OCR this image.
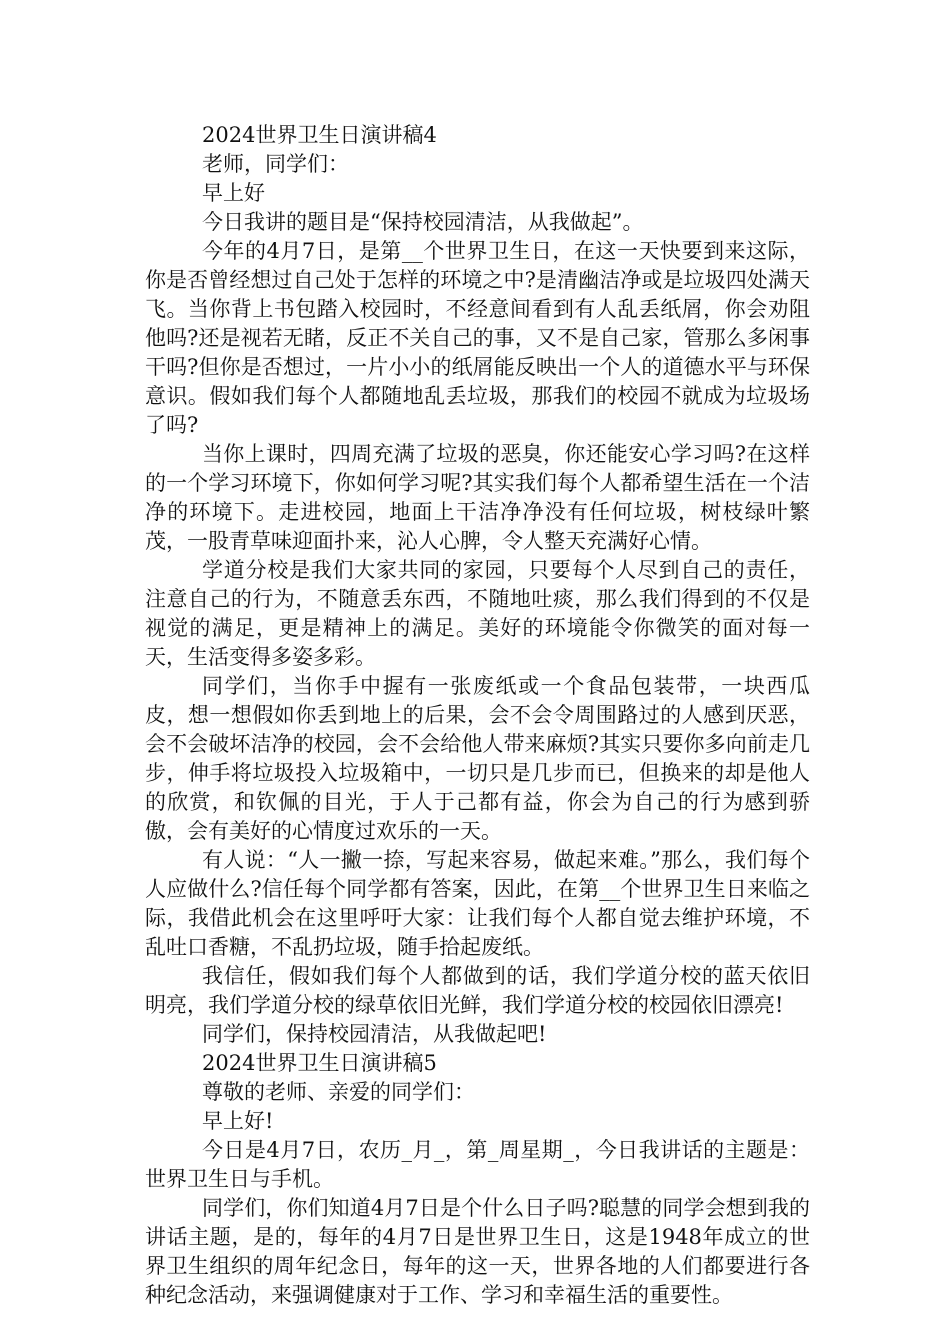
2024世界卫生日演讲稿4

老师，同学们：

早上好

今日我讲的题目是“保持校园清洁，从我做起”。

今年的4月7日，是第__个世界卫生日，在这一天快要到来这际，你是否曾经想过自己处于怎样的环境之中?是清幽洁净或是垃圾四处满天飞。当你背上书包踏入校园时，不经意间看到有人乱丢纸屑，你会劝阻他吗?还是视若无睹，反正不关自己的事，又不是自己家，管那么多闲事干吗?但你是否想过，一片小小的纸屑能反映出一个人的道德水平与环保意识。假如我们每个人都随地乱丢垃圾，那我们的校园不就成为垃圾场了吗?

当你上课时，四周充满了垃圾的恶臭，你还能安心学习吗?在这样的一个学习环境下，你如何学习呢?其实我们每个人都希望生活在一个洁净的环境下。走进校园，地面上干洁净净没有任何垃圾，树枝绿叶繁茂，一股青草味迎面扑来，沁人心脾，令人整天充满好心情。

学道分校是我们大家共同的家园，只要每个人尽到自己的责任，注意自己的行为，不随意丢东西，不随地吐痰，那么我们得到的不仅是视觉的满足，更是精神上的满足。美好的环境能令你微笑的面对每一天，生活变得多姿多彩。

同学们，当你手中握有一张废纸或一个食品包装带，一块西瓜皮，想一想假如你丢到地上的后果，会不会令周围路过的人感到厌恶，会不会破坏洁净的校园，会不会给他人带来麻烦?其实只要你多向前走几步，伸手将垃圾投入垃圾箱中，一切只是几步而已，但换来的却是他人的欣赏，和钦佩的目光，于人于己都有益，你会为自己的行为感到骄傲，会有美好的心情度过欢乐的一天。

有人说：“人一撇一捺，写起来容易，做起来难。”那么，我们每个人应做什么?信任每个同学都有答案，因此，在第__个世界卫生日来临之际，我借此机会在这里呼吁大家：让我们每个人都自觉去维护环境，不乱吐口香糖，不乱扔垃圾，随手拾起废纸。

我信任，假如我们每个人都做到的话，我们学道分校的蓝天依旧明亮，我们学道分校的绿草依旧光鲜，我们学道分校的校园依旧漂亮!

同学们，保持校园清洁，从我做起吧!

2024世界卫生日演讲稿5

尊敬的老师、亲爱的同学们：

早上好!

今日是4月7日，农历_月_，第_周星期_，今日我讲话的主题是：世界卫生日与手机。

同学们，你们知道4月7日是个什么日子吗?聪慧的同学会想到我的讲话主题，是的，每年的4月7日是世界卫生日，这是1948年成立的世界卫生组织的周年纪念日，每年的这一天，世界各地的人们都要进行各种纪念活动，来强调健康对于工作、学习和幸福生活的重要性。
